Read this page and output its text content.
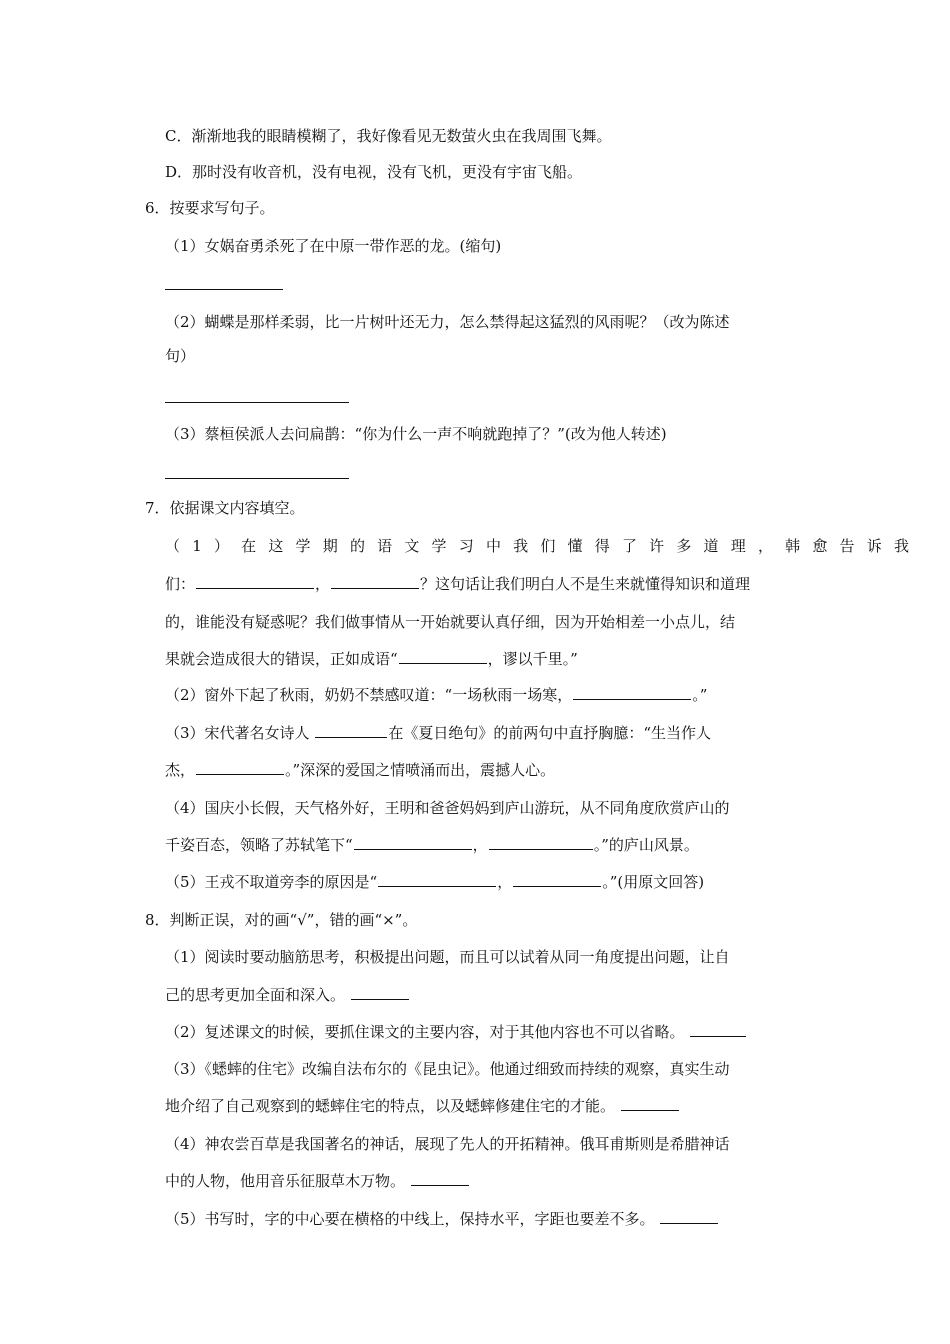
C．渐渐地我的眼睛模糊了，我好像看见无数萤火虫在我周围飞舞。
D．那时没有收音机，没有电视，没有飞机，更没有宇宙飞船。
6．按要求写句子。
（1）女娲奋勇杀死了在中原一带作恶的龙。(缩句)
（2）蝴蝶是那样柔弱，比一片树叶还无力，怎么禁得起这猛烈的风雨呢？（改为陈述
句）
（3）蔡桓侯派人去问扁鹊：“你为什么一声不响就跑掉了？”(改为他人转述)
7．依据课文内容填空。
（1）在这学期的语文学习中我们懂得了许多道理，韩愈告诉我
们：	，	？这句话让我们明白人不是生来就懂得知识和道理
的，谁能没有疑惑呢？我们做事情从一开始就要认真仔细，因为开始相差一小点儿，结
果就会造成很大的错误，正如成语“	，谬以千里。”
（2）窗外下起了秋雨，奶奶不禁感叹道：“一场秋雨一场寒，	。”
（3）宋代著名女诗人	在《夏日绝句》的前两句中直抒胸臆：“生当作人
杰，	。”深深的爱国之情喷涌而出，震撼人心。
（4）国庆小长假，天气格外好，王明和爸爸妈妈到庐山游玩，从不同角度欣赏庐山的
千姿百态，领略了苏轼笔下“	，	。”的庐山风景。
（5）王戎不取道旁李的原因是“	，	。”(用原文回答)
8．判断正误，对的画“√”，错的画“×”。
（1）阅读时要动脑筋思考，积极提出问题，而且可以试着从同一角度提出问题，让自
己的思考更加全面和深入。
（2）复述课文的时候，要抓住课文的主要内容，对于其他内容也不可以省略。
（3）《蟋蟀的住宅》改编自法布尔的《昆虫记》。他通过细致而持续的观察，真实生动
地介绍了自己观察到的蟋蟀住宅的特点，以及蟋蟀修建住宅的才能。
（4）神农尝百草是我国著名的神话，展现了先人的开拓精神。俄耳甫斯则是希腊神话
中的人物，他用音乐征服草木万物。
（5）书写时，字的中心要在横格的中线上，保持水平，字距也要差不多。
